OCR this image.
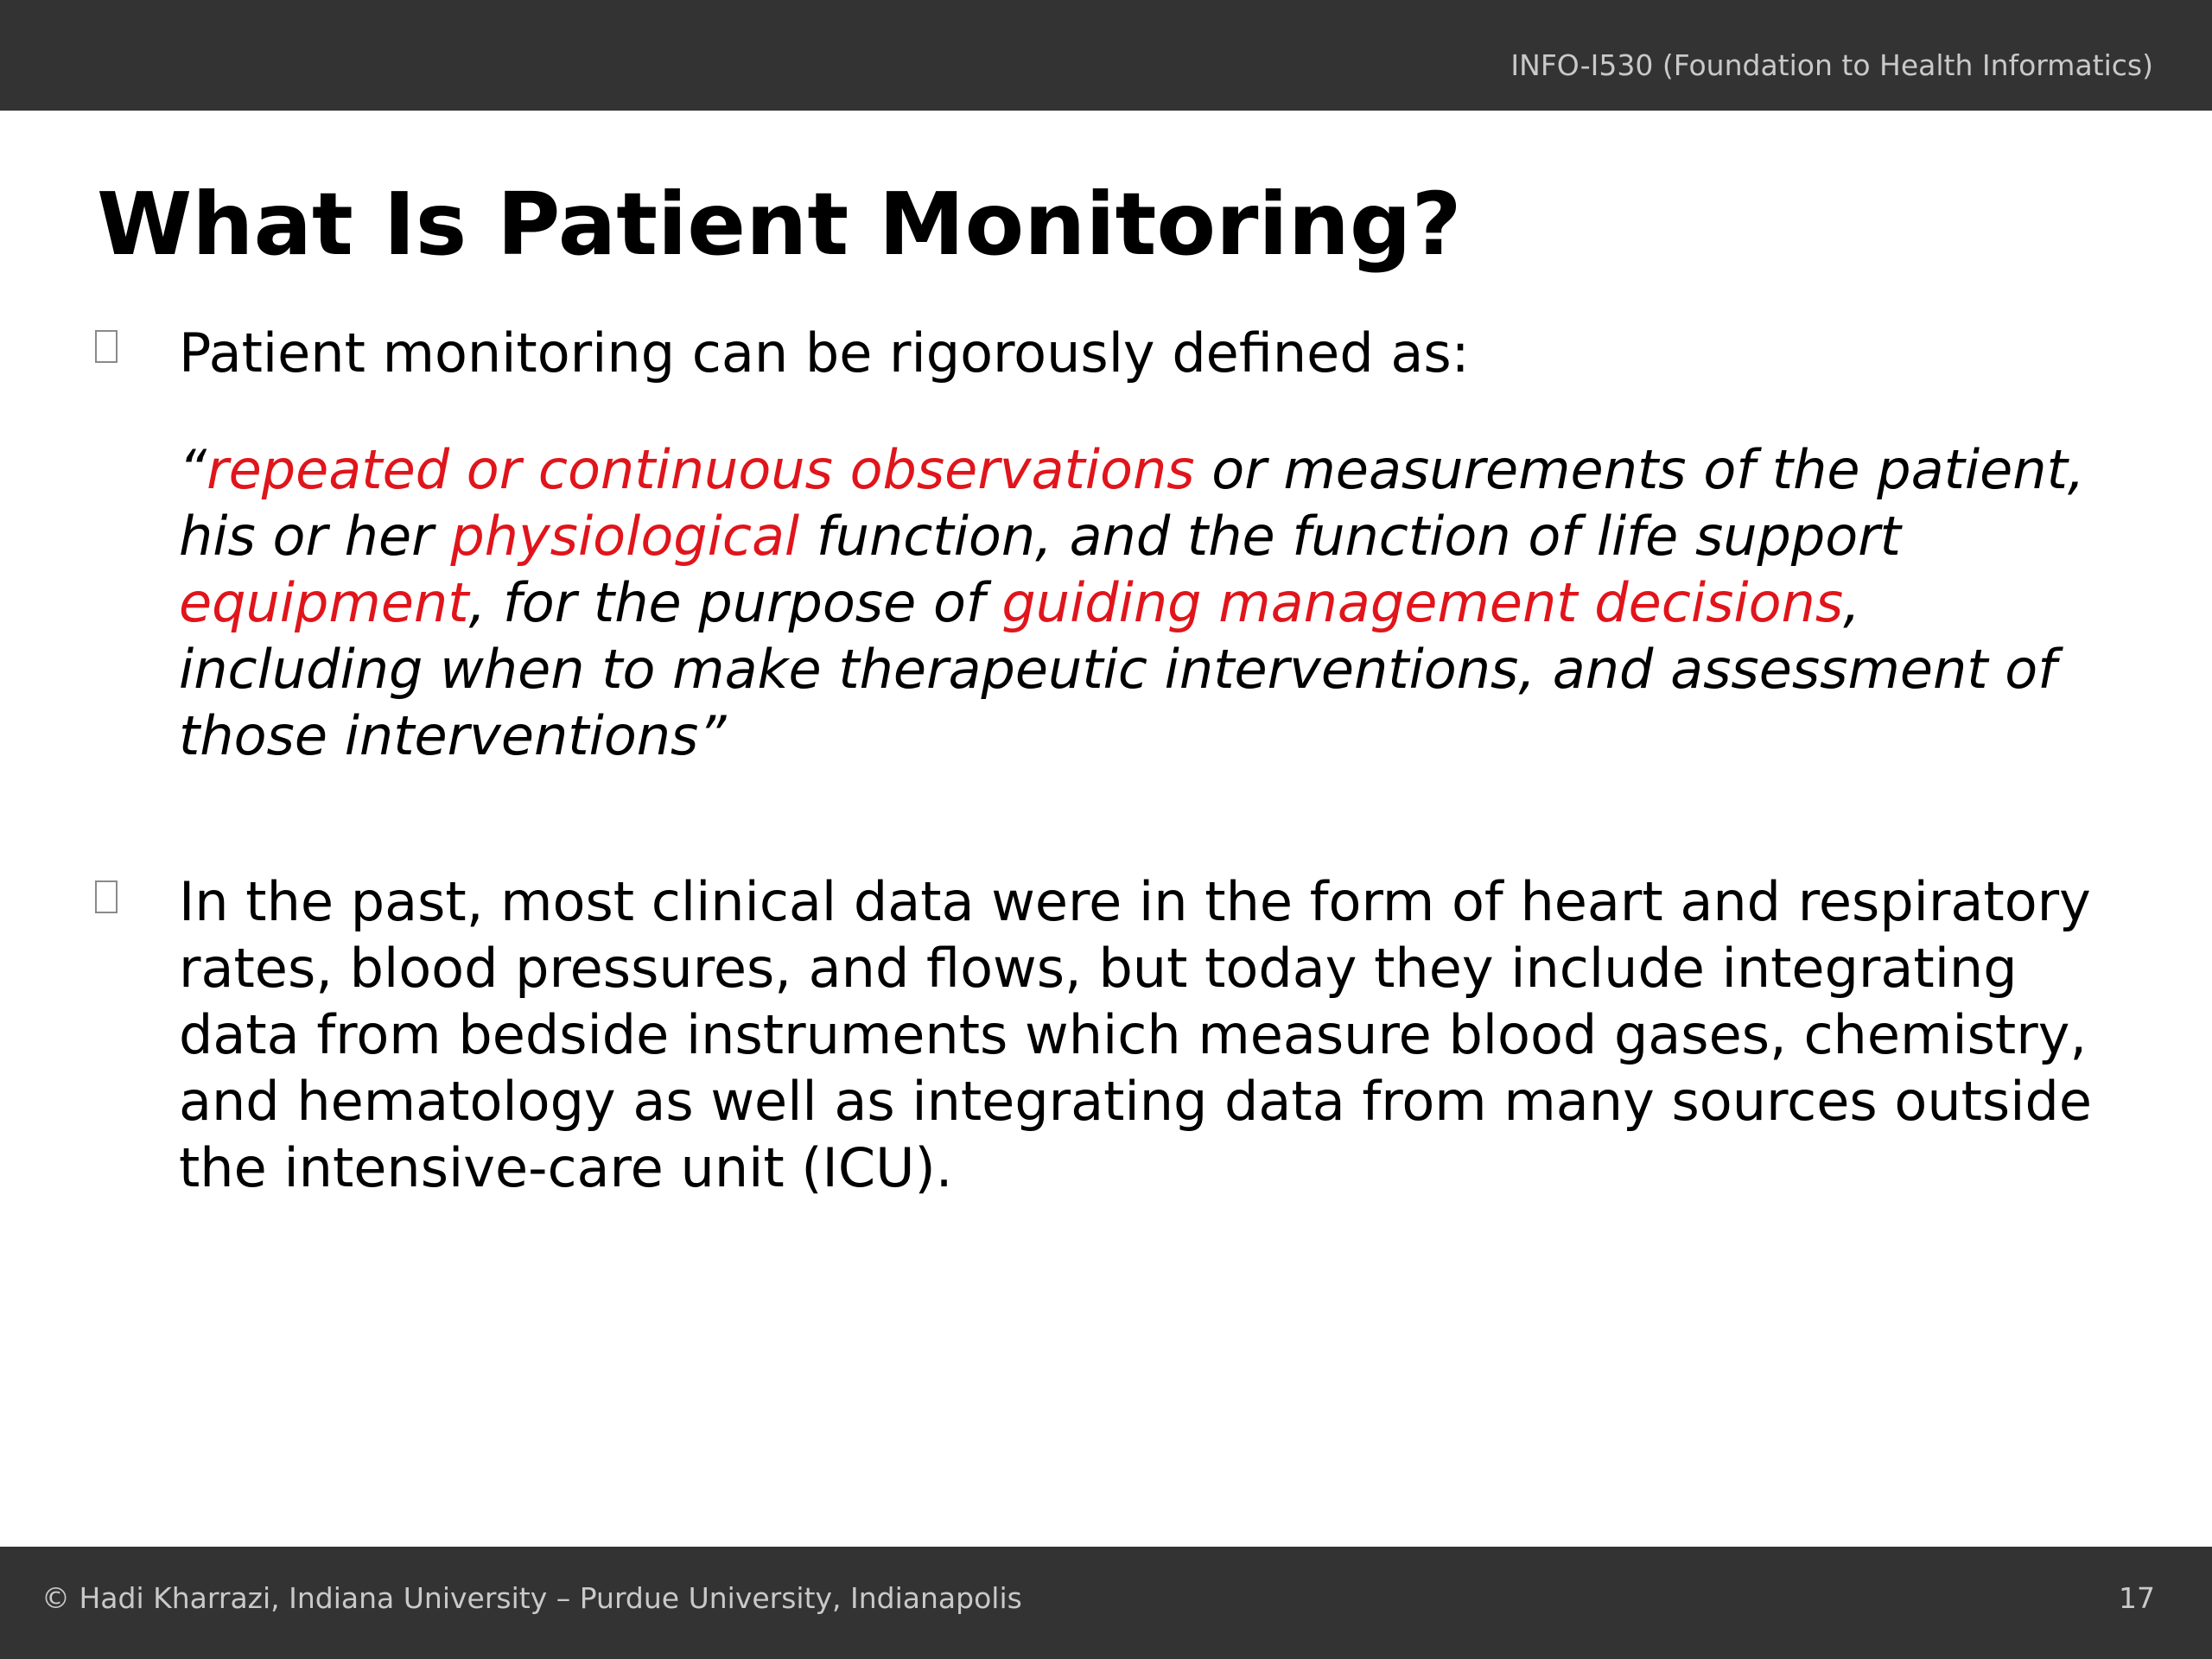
INFO-I530 (Foundation to Health Informatics)
What Is Patient Monitoring?
Patient monitoring can be rigorously defined as:
“repeated or continuous observations or measurements of the patient, his or her physiological function, and the function of life support equipment, for the purpose of guiding management decisions, including when to make therapeutic interventions, and assessment of those interventions”
In the past, most clinical data were in the form of heart and respiratory rates, blood pressures, and flows, but today they include integrating data from bedside instruments which measure blood gases, chemistry, and hematology as well as integrating data from many sources outside the intensive-care unit (ICU).
© Hadi Kharrazi, Indiana University – Purdue University, Indianapolis	17
